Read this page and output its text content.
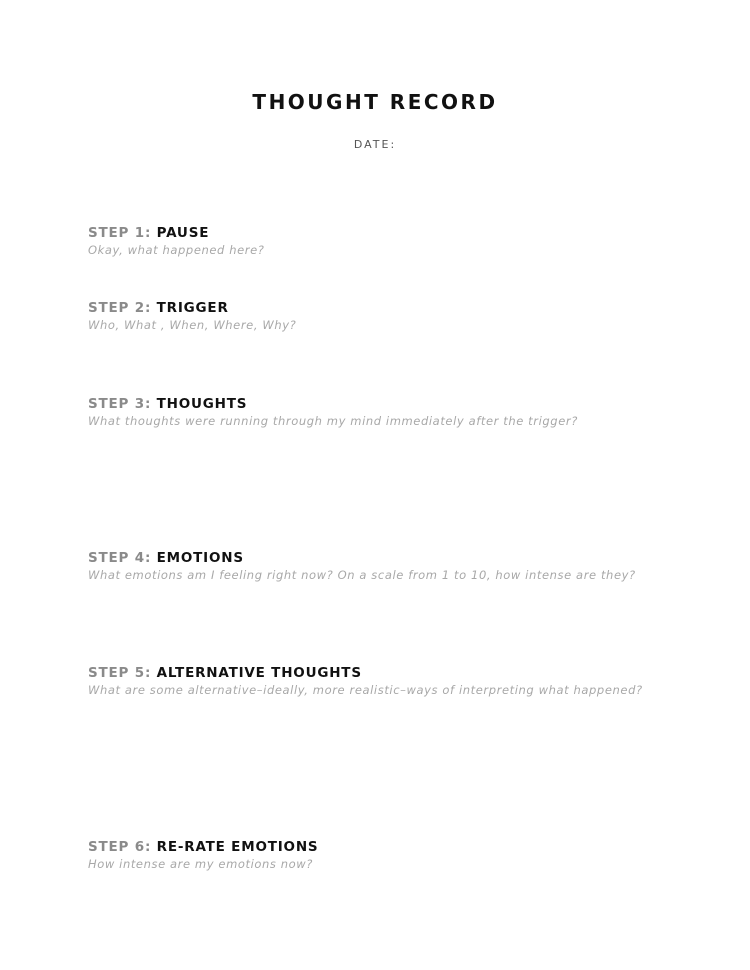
THOUGHT RECORD
DATE:
STEP 1: PAUSE
Okay, what happened here?
STEP 2: TRIGGER
Who, What , When, Where, Why?
STEP 3: THOUGHTS
What thoughts were running through my mind immediately after the trigger?
STEP 4: EMOTIONS
What emotions am I feeling right now? On a scale from 1 to 10, how intense are they?
STEP 5: ALTERNATIVE THOUGHTS
What are some alternative–ideally, more realistic–ways of interpreting what happened?
STEP 6: RE-RATE EMOTIONS
How intense are my emotions now?
